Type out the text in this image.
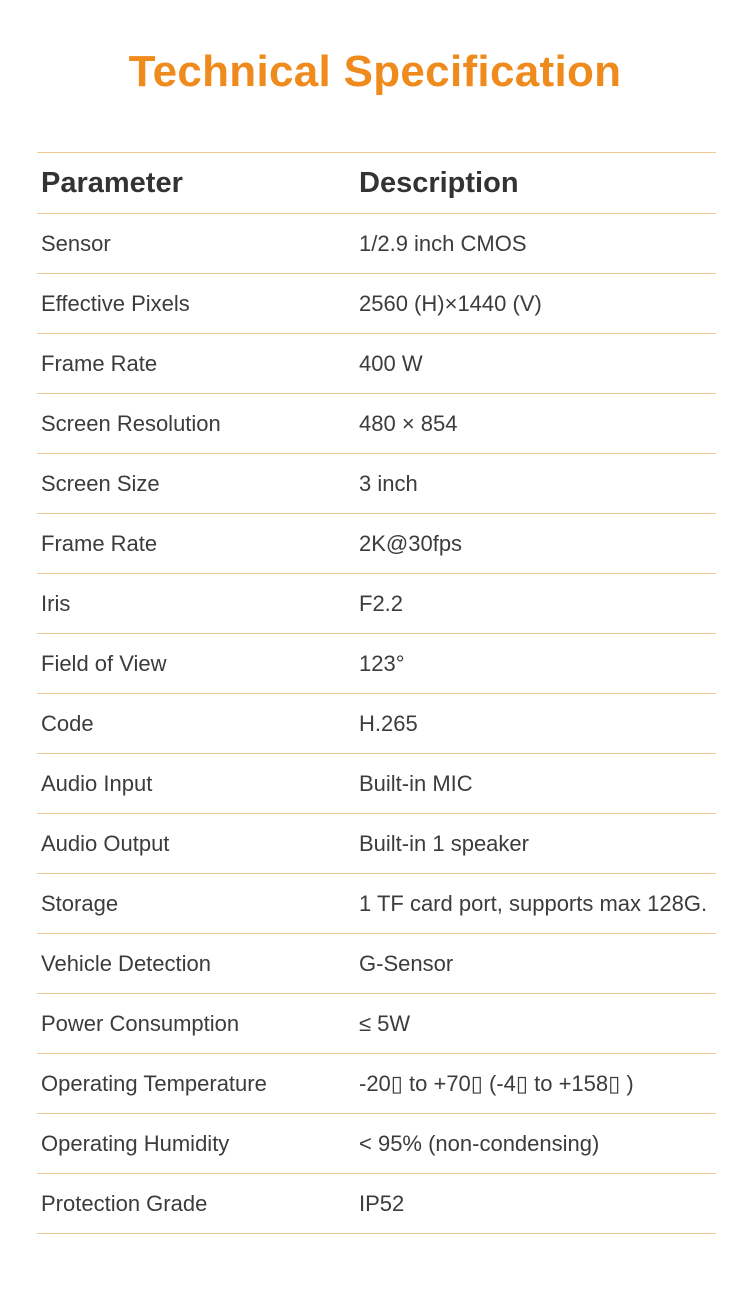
Technical Specification
Parameter	Description
Sensor	1/2.9 inch CMOS
Effective Pixels	2560 (H)×1440 (V)
Frame Rate	400 W
Screen Resolution	480 × 854
Screen Size	3 inch
Frame Rate	2K@30fps
Iris	F2.2
Field of View	123°
Code	H.265
Audio Input	Built-in MIC
Audio Output	Built-in 1 speaker
Storage	1 TF card port, supports max 128G.
Vehicle Detection	G-Sensor
Power Consumption	≤ 5W
Operating Temperature	-20▯ to +70▯ (-4▯ to +158▯ )
Operating Humidity	< 95% (non-condensing)
Protection Grade	IP52
